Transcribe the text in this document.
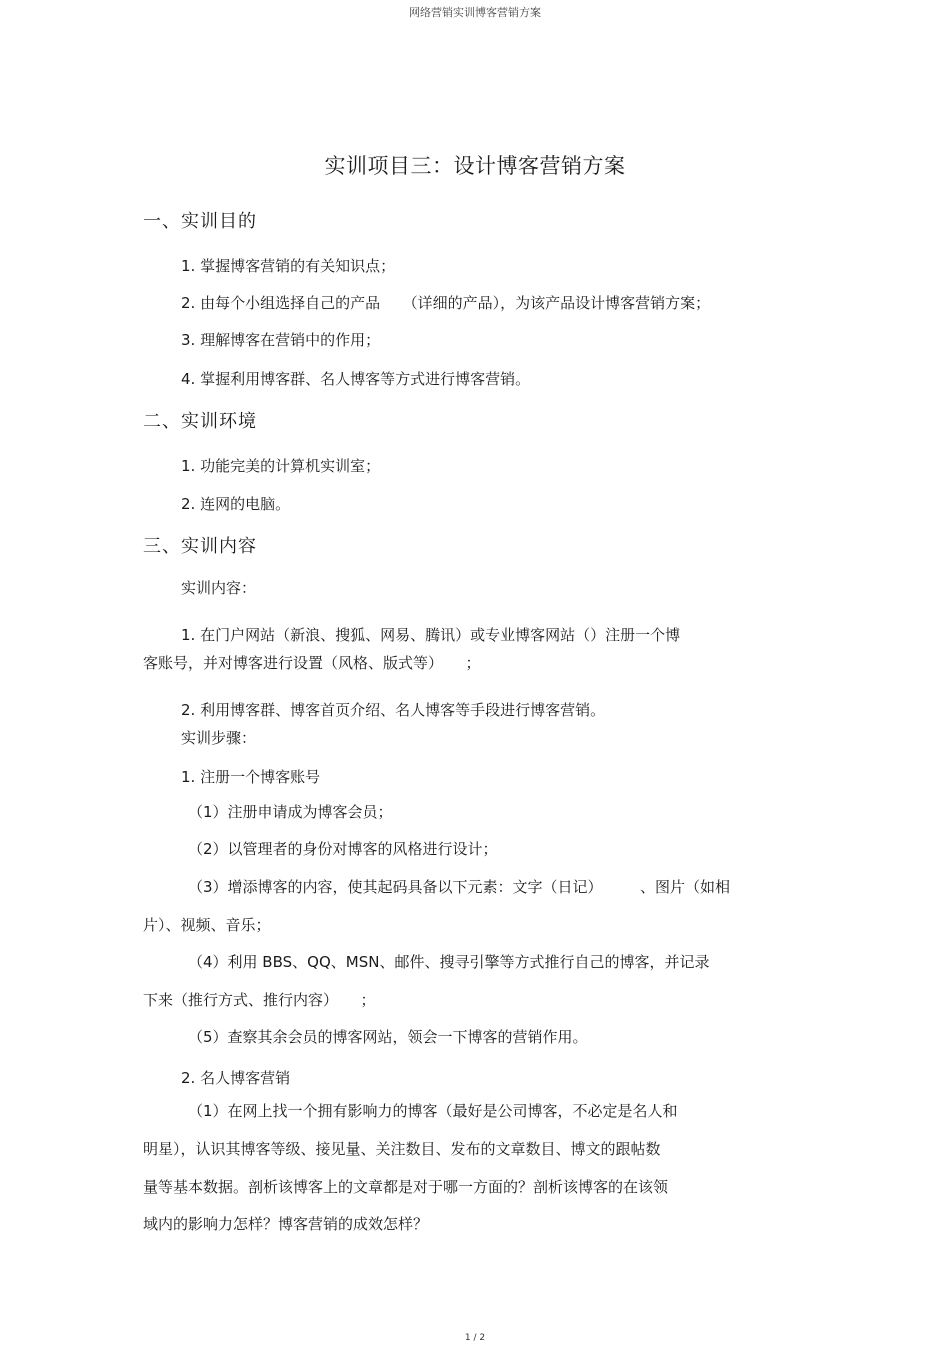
网络营销实训博客营销方案
实训项目三：设计博客营销方案
一、实训目的
1. 掌握博客营销的有关知识点；
2. 由每个小组选择自己的产品　　（详细的产品），为该产品设计博客营销方案；
3. 理解博客在营销中的作用；
4. 掌握利用博客群、名人博客等方式进行博客营销。
二、实训环境
1. 功能完美的计算机实训室；
2. 连网的电脑。
三、实训内容
实训内容：
1. 在门户网站（新浪、搜狐、网易、腾讯）或专业博客网站（）注册一个博
客账号，并对博客进行设置（风格、版式等）　　；
2. 利用博客群、博客首页介绍、名人博客等手段进行博客营销。
实训步骤：
1. 注册一个博客账号
（1）注册申请成为博客会员；
（2）以管理者的身份对博客的风格进行设计；
（3）增添博客的内容，使其起码具备以下元素：文字（日记）　　　、图片（如相
片）、视频、音乐；
（4）利用 BBS、QQ、MSN、邮件、搜寻引擎等方式推行自己的博客，并记录
下来（推行方式、推行内容）　　；
（5）查察其余会员的博客网站，领会一下博客的营销作用。
2. 名人博客营销
（1）在网上找一个拥有影响力的博客（最好是公司博客，不必定是名人和
明星），认识其博客等级、接见量、关注数目、发布的文章数目、博文的跟帖数
量等基本数据。剖析该博客上的文章都是对于哪一方面的？剖析该博客的在该领
域内的影响力怎样？博客营销的成效怎样？
1 / 2
